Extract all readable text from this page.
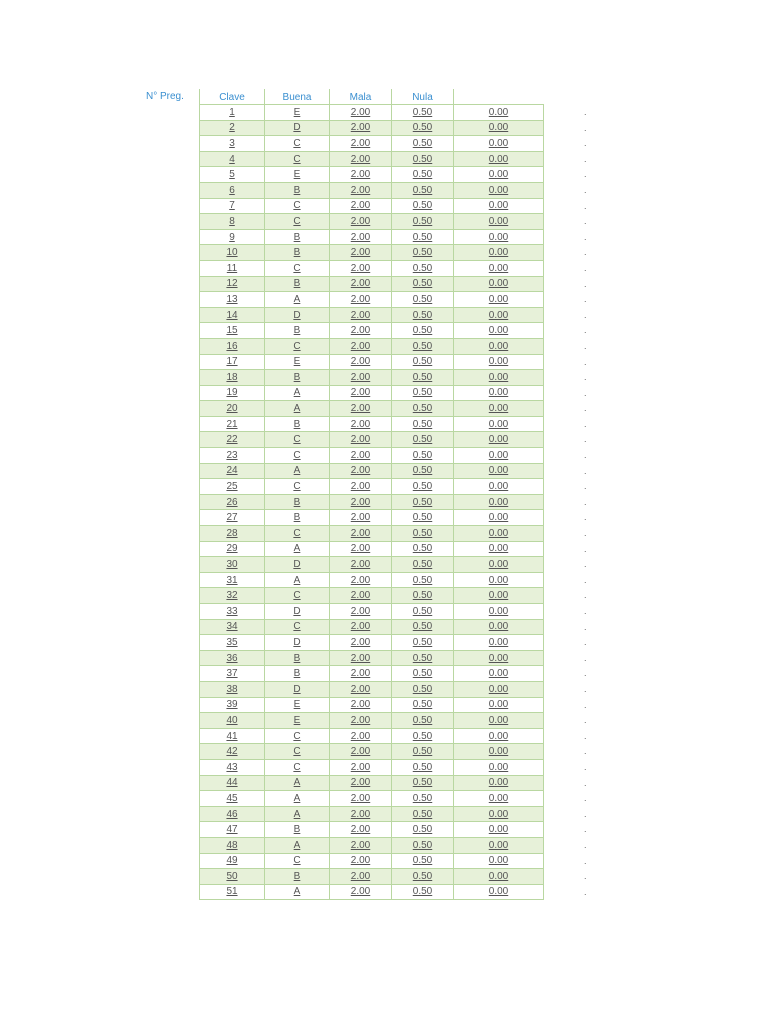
N° Preg.	Clave	Buena	Mala	Nula	
1	E	2.00	0.50	0.00
2	D	2.00	0.50	0.00
3	C	2.00	0.50	0.00
4	C	2.00	0.50	0.00
5	E	2.00	0.50	0.00
6	B	2.00	0.50	0.00
7	C	2.00	0.50	0.00
8	C	2.00	0.50	0.00
9	B	2.00	0.50	0.00
10	B	2.00	0.50	0.00
11	C	2.00	0.50	0.00
12	B	2.00	0.50	0.00
13	A	2.00	0.50	0.00
14	D	2.00	0.50	0.00
15	B	2.00	0.50	0.00
16	C	2.00	0.50	0.00
17	E	2.00	0.50	0.00
18	B	2.00	0.50	0.00
19	A	2.00	0.50	0.00
20	A	2.00	0.50	0.00
21	B	2.00	0.50	0.00
22	C	2.00	0.50	0.00
23	C	2.00	0.50	0.00
24	A	2.00	0.50	0.00
25	C	2.00	0.50	0.00
26	B	2.00	0.50	0.00
27	B	2.00	0.50	0.00
28	C	2.00	0.50	0.00
29	A	2.00	0.50	0.00
30	D	2.00	0.50	0.00
31	A	2.00	0.50	0.00
32	C	2.00	0.50	0.00
33	D	2.00	0.50	0.00
34	C	2.00	0.50	0.00
35	D	2.00	0.50	0.00
36	B	2.00	0.50	0.00
37	B	2.00	0.50	0.00
38	D	2.00	0.50	0.00
39	E	2.00	0.50	0.00
40	E	2.00	0.50	0.00
41	C	2.00	0.50	0.00
42	C	2.00	0.50	0.00
43	C	2.00	0.50	0.00
44	A	2.00	0.50	0.00
45	A	2.00	0.50	0.00
46	A	2.00	0.50	0.00
47	B	2.00	0.50	0.00
48	A	2.00	0.50	0.00
49	C	2.00	0.50	0.00
50	B	2.00	0.50	0.00
51	A	2.00	0.50	0.00
.
.
.
.
.
.
.
.
.
.
.
.
.
.
.
.
.
.
.
.
.
.
.
.
.
.
.
.
.
.
.
.
.
.
.
.
.
.
.
.
.
.
.
.
.
.
.
.
.
.
.
